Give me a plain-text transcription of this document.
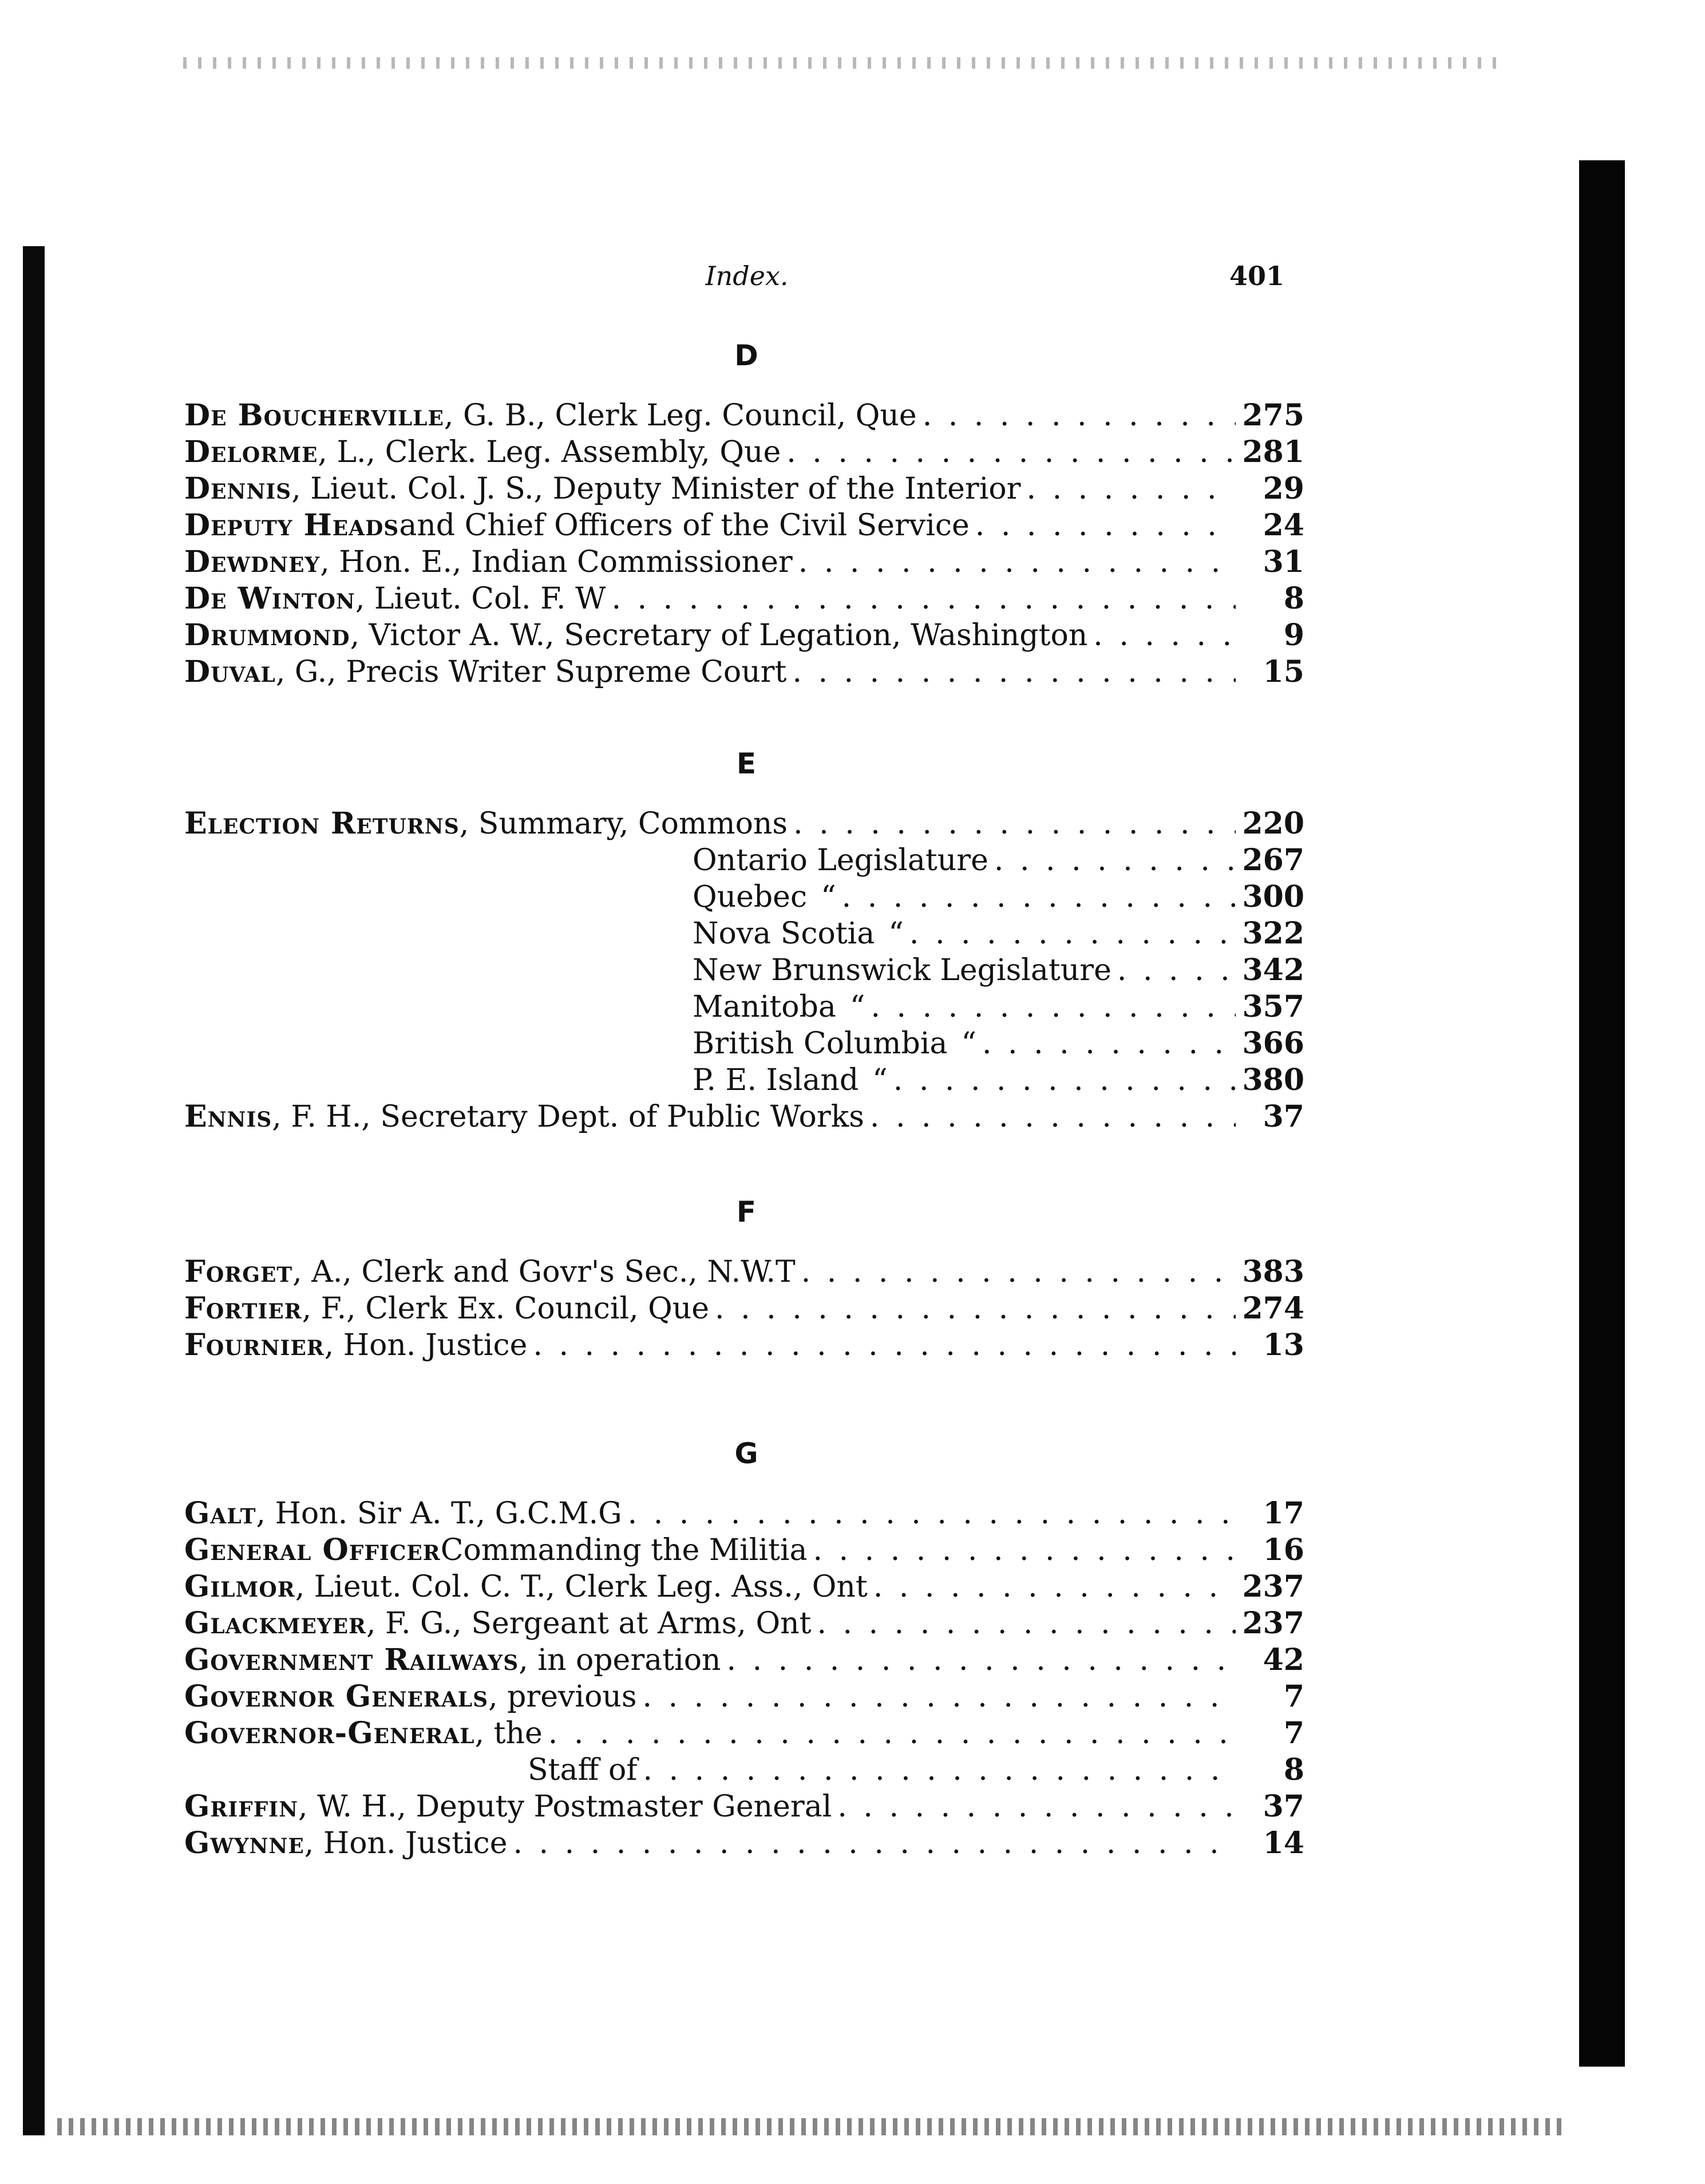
Index.	401
D
De Boucherville , G. B., Clerk Leg. Council, Que . . .	275
Delorme , L., Clerk. Leg. Assembly, Que . . .	281
Dennis , Lieut. Col. J. S., Deputy Minister of the Interior . . .	29
Deputy Heads and Chief Officers of the Civil Service . . .	24
Dewdney , Hon. E., Indian Commissioner . . .	31
De Winton , Lieut. Col. F. W . . .	8
Drummond , Victor A. W., Secretary of Legation, Washington . . .	9
Duval , G., Precis Writer Supreme Court . . .	15
E
Election Returns , Summary, Commons . . .	220
Ontario Legislature . . .	267
Quebec “ . . .	300
Nova Scotia “ . . .	322
New Brunswick Legislature . . .	342
Manitoba “ . . .	357
British Columbia “ . . .	366
P. E. Island “ . . .	380
Ennis , F. H., Secretary Dept. of Public Works . . .	37
F
Forget , A., Clerk and Govr's Sec., N.W.T . . .	383
Fortier , F., Clerk Ex. Council, Que . . .	274
Fournier , Hon. Justice . . .	13
G
Galt , Hon. Sir A. T., G.C.M.G . . .	17
General Officer Commanding the Militia . . .	16
Gilmor , Lieut. Col. C. T., Clerk Leg. Ass., Ont . . .	237
Glackmeyer , F. G., Sergeant at Arms, Ont . . .	237
Government Railways , in operation . . .	42
Governor Generals , previous . . .	7
Governor-General , the . . .	7
Staff of . . .	8
Griffin , W. H., Deputy Postmaster General . . .	37
Gwynne , Hon. Justice . . .	14
